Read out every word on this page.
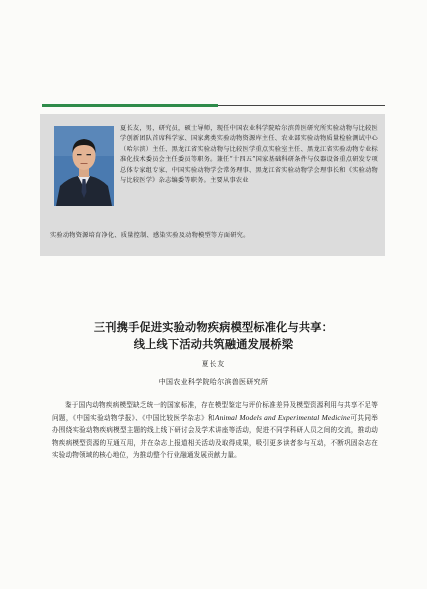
夏长友，男，研究员，硕士导师，现任中国农业科学院哈尔滨兽医研究所实验动物与比较医学创新团队首席科学家、国家禽类实验动物资源库主任、农业部实验动物质量检验测试中心（哈尔滨）主任、黑龙江省实验动物与比较医学重点实验室主任、黑龙江省实验动物专业标准化技术委员会主任委员等职务。兼任“十四五”国家基础科研条件与仪器设备重点研发专项总体专家组专家、中国实验动物学会常务理事、黑龙江省实验动物学会理事长和《实验动物与比较医学》杂志编委等职务。主要从事农业

实验动物资源培育净化、质量控制、感染实验及动物模型等方面研究。

三刊携手促进实验动物疾病模型标准化与共享：
线上线下活动共筑融通发展桥梁

夏长友

中国农业科学院哈尔滨兽医研究所

鉴于国内动物疾病模型缺乏统一的国家标准，存在模型鉴定与评价标准差异及模型资源利用与共享不足等问题，《中国实验动物学报》、《中国比较医学杂志》和Animal Models and Experimental Medicine可共同举办围绕实验动物疾病模型主题的线上线下研讨会及学术讲座等活动，促进不同学科研人员之间的交流，推动动物疾病模型资源的互通互用，并在杂志上报道相关活动及取得成果，吸引更多读者参与互动，不断巩固杂志在实验动物领域的核心地位，为推动整个行业融通发展贡献力量。
